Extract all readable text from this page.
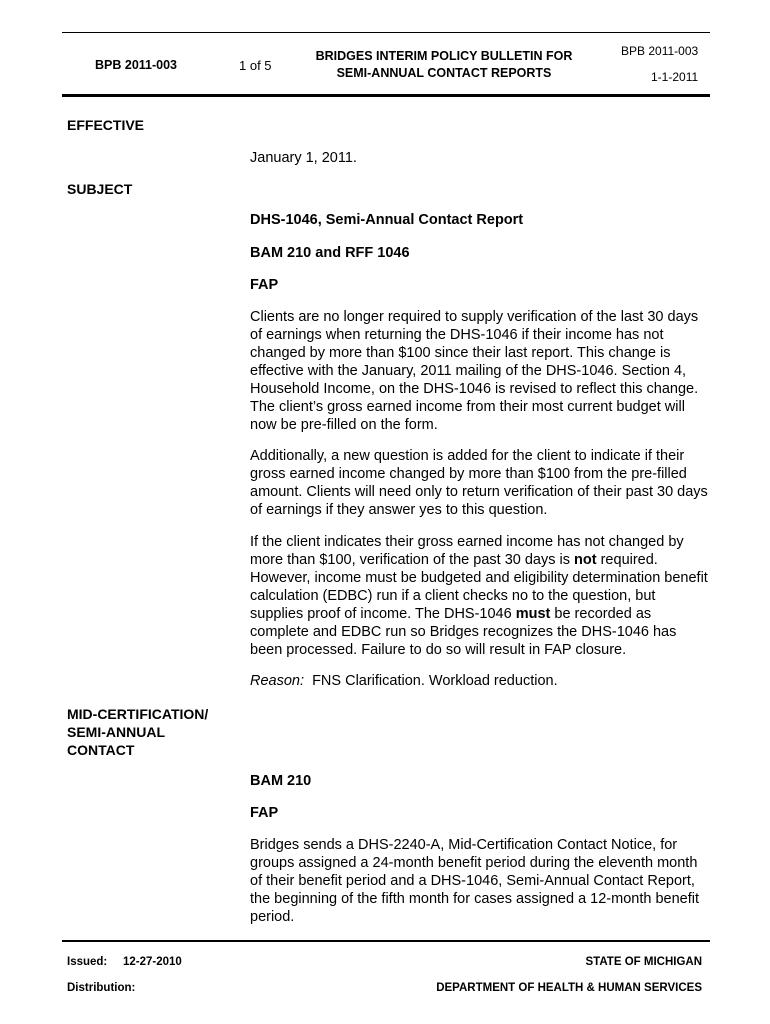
BPB 2011-003	1 of 5
BRIDGES INTERIM POLICY BULLETIN FOR
SEMI-ANNUAL CONTACT REPORTS
BPB 2011-003
1-1-2011
EFFECTIVE
January 1, 2011.
SUBJECT
DHS-1046, Semi-Annual Contact Report
BAM 210 and RFF 1046
FAP
Clients are no longer required to supply verification of the last 30 days of earnings when returning the DHS-1046 if their income has not changed by more than $100 since their last report. This change is effective with the January, 2011 mailing of the DHS-1046. Section 4, Household Income, on the DHS-1046 is revised to reflect this change. The client’s gross earned income from their most current budget will now be pre-filled on the form.
Additionally, a new question is added for the client to indicate if their gross earned income changed by more than $100 from the pre-filled amount. Clients will need only to return verification of their past 30 days of earnings if they answer yes to this question.
If the client indicates their gross earned income has not changed by more than $100, verification of the past 30 days is not required. However, income must be budgeted and eligibility determination benefit calculation (EDBC) run if a client checks no to the question, but supplies proof of income. The DHS-1046 must be recorded as complete and EDBC run so Bridges recognizes the DHS-1046 has been processed. Failure to do so will result in FAP closure.
Reason:  FNS Clarification. Workload reduction.
MID-CERTIFICATION/
SEMI-ANNUAL
CONTACT
BAM 210
FAP
Bridges sends a DHS-2240-A, Mid-Certification Contact Notice, for groups assigned a 24-month benefit period during the eleventh month of their benefit period and a DHS-1046, Semi-Annual Contact Report, the beginning of the fifth month for cases assigned a 12-month benefit period.
Issued: 12-27-2010
Distribution:
STATE OF MICHIGAN
DEPARTMENT OF HEALTH & HUMAN SERVICES
